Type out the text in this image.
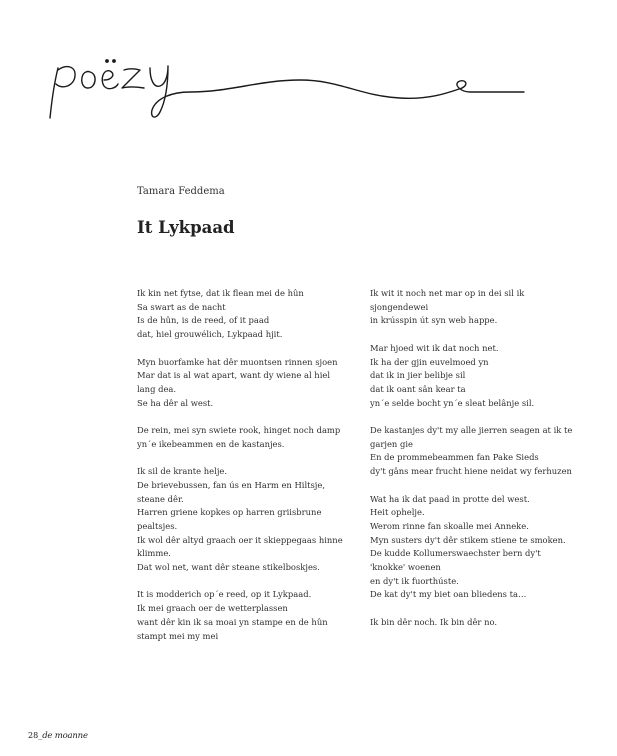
Tamara Feddema
It Lykpaad
Ik kin net fytse, dat ik flean mei de hûn
Sa swart as de nacht
Is de hûn, is de reed, of it paad
dat, hiel grouwélich, Lykpaad hjit.
Myn buorfamke hat dêr muontsen rinnen sjoen
Mar dat is al wat apart, want dy wiene al hiel
lang dea.
Se ha dêr al west.
De rein, mei syn swiete rook, hinget noch damp
yn´e ikebeammen en de kastanjes.
Ik sil de krante helje.
De brievebussen, fan ús en Harm en Hiltsje,
steane dêr.
Harren griene kopkes op harren griisbrune
pealtsjes.
Ik wol dêr altyd graach oer it skieppegaas hinne
klimme.
Dat wol net, want dêr steane stikelboskjes.
It is modderich op´e reed, op it Lykpaad.
Ik mei graach oer de wetterplassen
want dêr kin ik sa moai yn stampe en de hûn
stampt mei my mei
Ik wit it noch net mar op in dei sil ik
sjongendewei
in krússpin út syn web happe.
Mar hjoed wit ik dat noch net.
Ik ha der gjin euvelmoed yn
dat ik in jier belibje sil
dat ik oant sân kear ta
yn´e selde bocht yn´e sleat belânje sil.
De kastanjes dy't my alle jierren seagen at ik te
garjen gie
En de prommebeammen fan Pake Sieds
dy't gâns mear frucht hiene neidat wy ferhuzen
Wat ha ik dat paad in protte del west.
Heit ophelje.
Werom rinne fan skoalle mei Anneke.
Myn susters dy't dêr stikem stiene te smoken.
De kudde Kollumerswaechster bern dy't
'knokke' woenen
en dy't ik fuorthúste.
De kat dy't my biet oan bliedens ta…
Ik bin dêr noch. Ik bin dêr no.
28_de moanne
